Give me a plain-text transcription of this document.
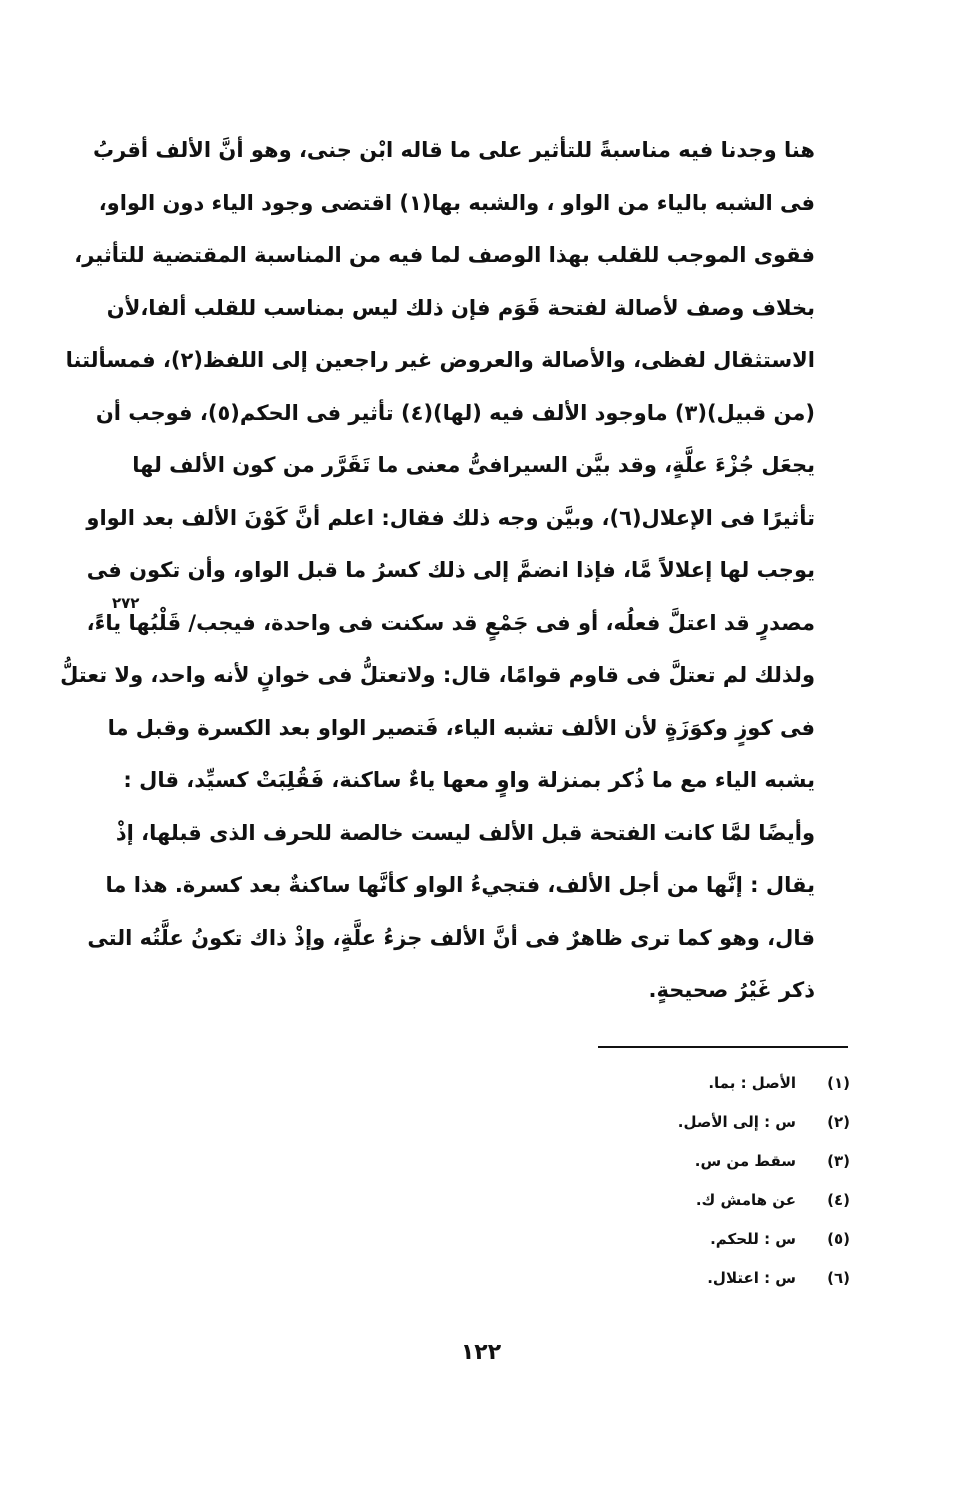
هنا وجدنا فيه مناسبةً للتأثير على ما قاله ابْن جنى، وهو أنَّ الألف أقربُ
فى الشبه بالياء من الواو ، والشبه بها(١) اقتضى وجود الياء دون الواو،
فقوى الموجب للقلب بهذا الوصف لما فيه من المناسبة المقتضية للتأثير،
بخلاف وصف لأصالة لفتحة قَوَم فإن ذلك ليس بمناسب للقلب ألفا،لأن
الاستثقال لفظى، والأصالة والعروض غير راجعين إلى اللفظ(٢)، فمسألتنا
(من قبيل)(٣) ماوجود الألف فيه (لها)(٤) تأثير فى الحكم(٥)، فوجب أن
يجعَل جُزْءَ علَّةٍ، وقد بيَّن السيرافىُّ معنى ما تَقَرَّر من كون الألف لها
تأثيرًا فى الإعلال(٦)، وبيَّن وجه ذلك فقال: اعلم أنَّ كَوْنَ الألف بعد الواو
يوجب لها إعلالاً مَّا، فإذا انضمَّ إلى ذلك كسرُ ما قبل الواو، وأن تكون فى
مصدرٍ قد اعتلَّ فعلُه، أو فى جَمْعٍ قد سكنت فى واحدة، فيجب/ قَلْبُها ياءً،
ولذلك لم تعتلَّ فى قاوم قوامًا، قال: ولاتعتلُّ فى خوانٍ لأنه واحد، ولا تعتلُّ
فى كوزٍ وكوَزَةٍ لأن الألف تشبه الياء، فَتصير الواو بعد الكسرة وقبل ما
يشبه الياء مع ما ذُكر بمنزلة واوٍ معها ياءٌ ساكنة، فَقُلِبَتْ كسيِّد، قال :
وأيضًا لمَّا كانت الفتحة قبل الألف ليست خالصة للحرف الذى قبلها، إذْ
يقال : إنَّها من أجل الألف، فتجيءُ الواو كأنَّها ساكنةٌ بعد كسرة. هذا ما
قال، وهو كما ترى ظاهرٌ فى أنَّ الألف جزءُ علَّةٍ، وإذْ ذاك تكونُ علَّتُه التى
ذكر غَيْرُ صحيحةٍ.
٢٧٢
(١)
الأصل : بما.
(٢)
س : إلى الأصل.
(٣)
سقط من س.
(٤)
عن هامش ك.
(٥)
س : للحكم.
(٦)
س : اعتلال.
١٢٢
